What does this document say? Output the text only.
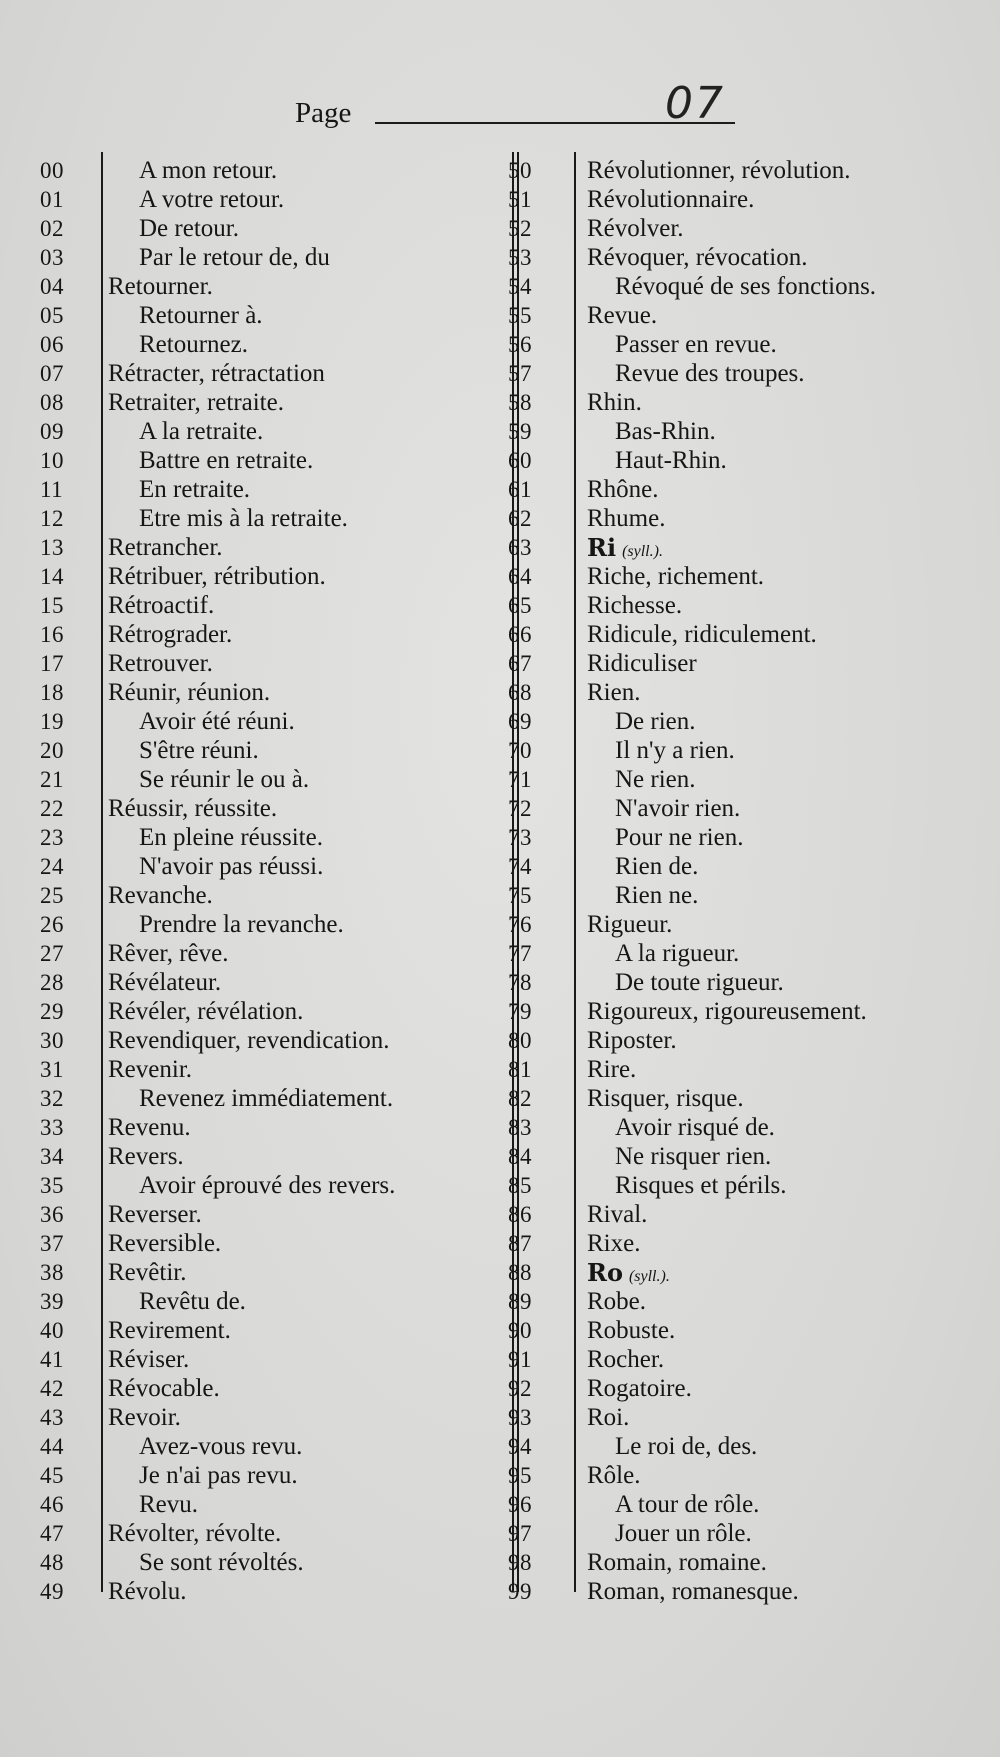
Page	07
00	A mon retour.
01	A votre retour.
02	De retour.
03	Par le retour de, du
04	Retourner.
05	Retourner à.
06	Retournez.
07	Rétracter, rétractation
08	Retraiter, retraite.
09	A la retraite.
10	Battre en retraite.
11	En retraite.
12	Etre mis à la retraite.
13	Retrancher.
14	Rétribuer, rétribution.
15	Rétroactif.
16	Rétrograder.
17	Retrouver.
18	Réunir, réunion.
19	Avoir été réuni.
20	S'être réuni.
21	Se réunir le ou à.
22	Réussir, réussite.
23	En pleine réussite.
24	N'avoir pas réussi.
25	Revanche.
26	Prendre la revanche.
27	Rêver, rêve.
28	Révélateur.
29	Révéler, révélation.
30	Revendiquer, revendication.
31	Revenir.
32	Revenez immédiatement.
33	Revenu.
34	Revers.
35	Avoir éprouvé des revers.
36	Reverser.
37	Reversible.
38	Revêtir.
39	Revêtu de.
40	Revirement.
41	Réviser.
42	Révocable.
43	Revoir.
44	Avez-vous revu.
45	Je n'ai pas revu.
46	Revu.
47	Révolter, révolte.
48	Se sont révoltés.
49	Révolu.
50	Révolutionner, révolution.
51	Révolutionnaire.
52	Révolver.
53	Révoquer, révocation.
54	Révoqué de ses fonctions.
55	Revue.
56	Passer en revue.
57	Revue des troupes.
58	Rhin.
59	Bas-Rhin.
60	Haut-Rhin.
61	Rhône.
62	Rhume.
63	Ri (syll.).
64	Riche, richement.
65	Richesse.
66	Ridicule, ridiculement.
67	Ridiculiser
68	Rien.
69	De rien.
70	Il n'y a rien.
71	Ne rien.
72	N'avoir rien.
73	Pour ne rien.
74	Rien de.
75	Rien ne.
76	Rigueur.
77	A la rigueur.
78	De toute rigueur.
79	Rigoureux, rigoureusement.
80	Riposter.
81	Rire.
82	Risquer, risque.
83	Avoir risqué de.
84	Ne risquer rien.
85	Risques et périls.
86	Rival.
87	Rixe.
88	Ro (syll.).
89	Robe.
90	Robuste.
91	Rocher.
92	Rogatoire.
93	Roi.
94	Le roi de, des.
95	Rôle.
96	A tour de rôle.
97	Jouer un rôle.
98	Romain, romaine.
99	Roman, romanesque.
